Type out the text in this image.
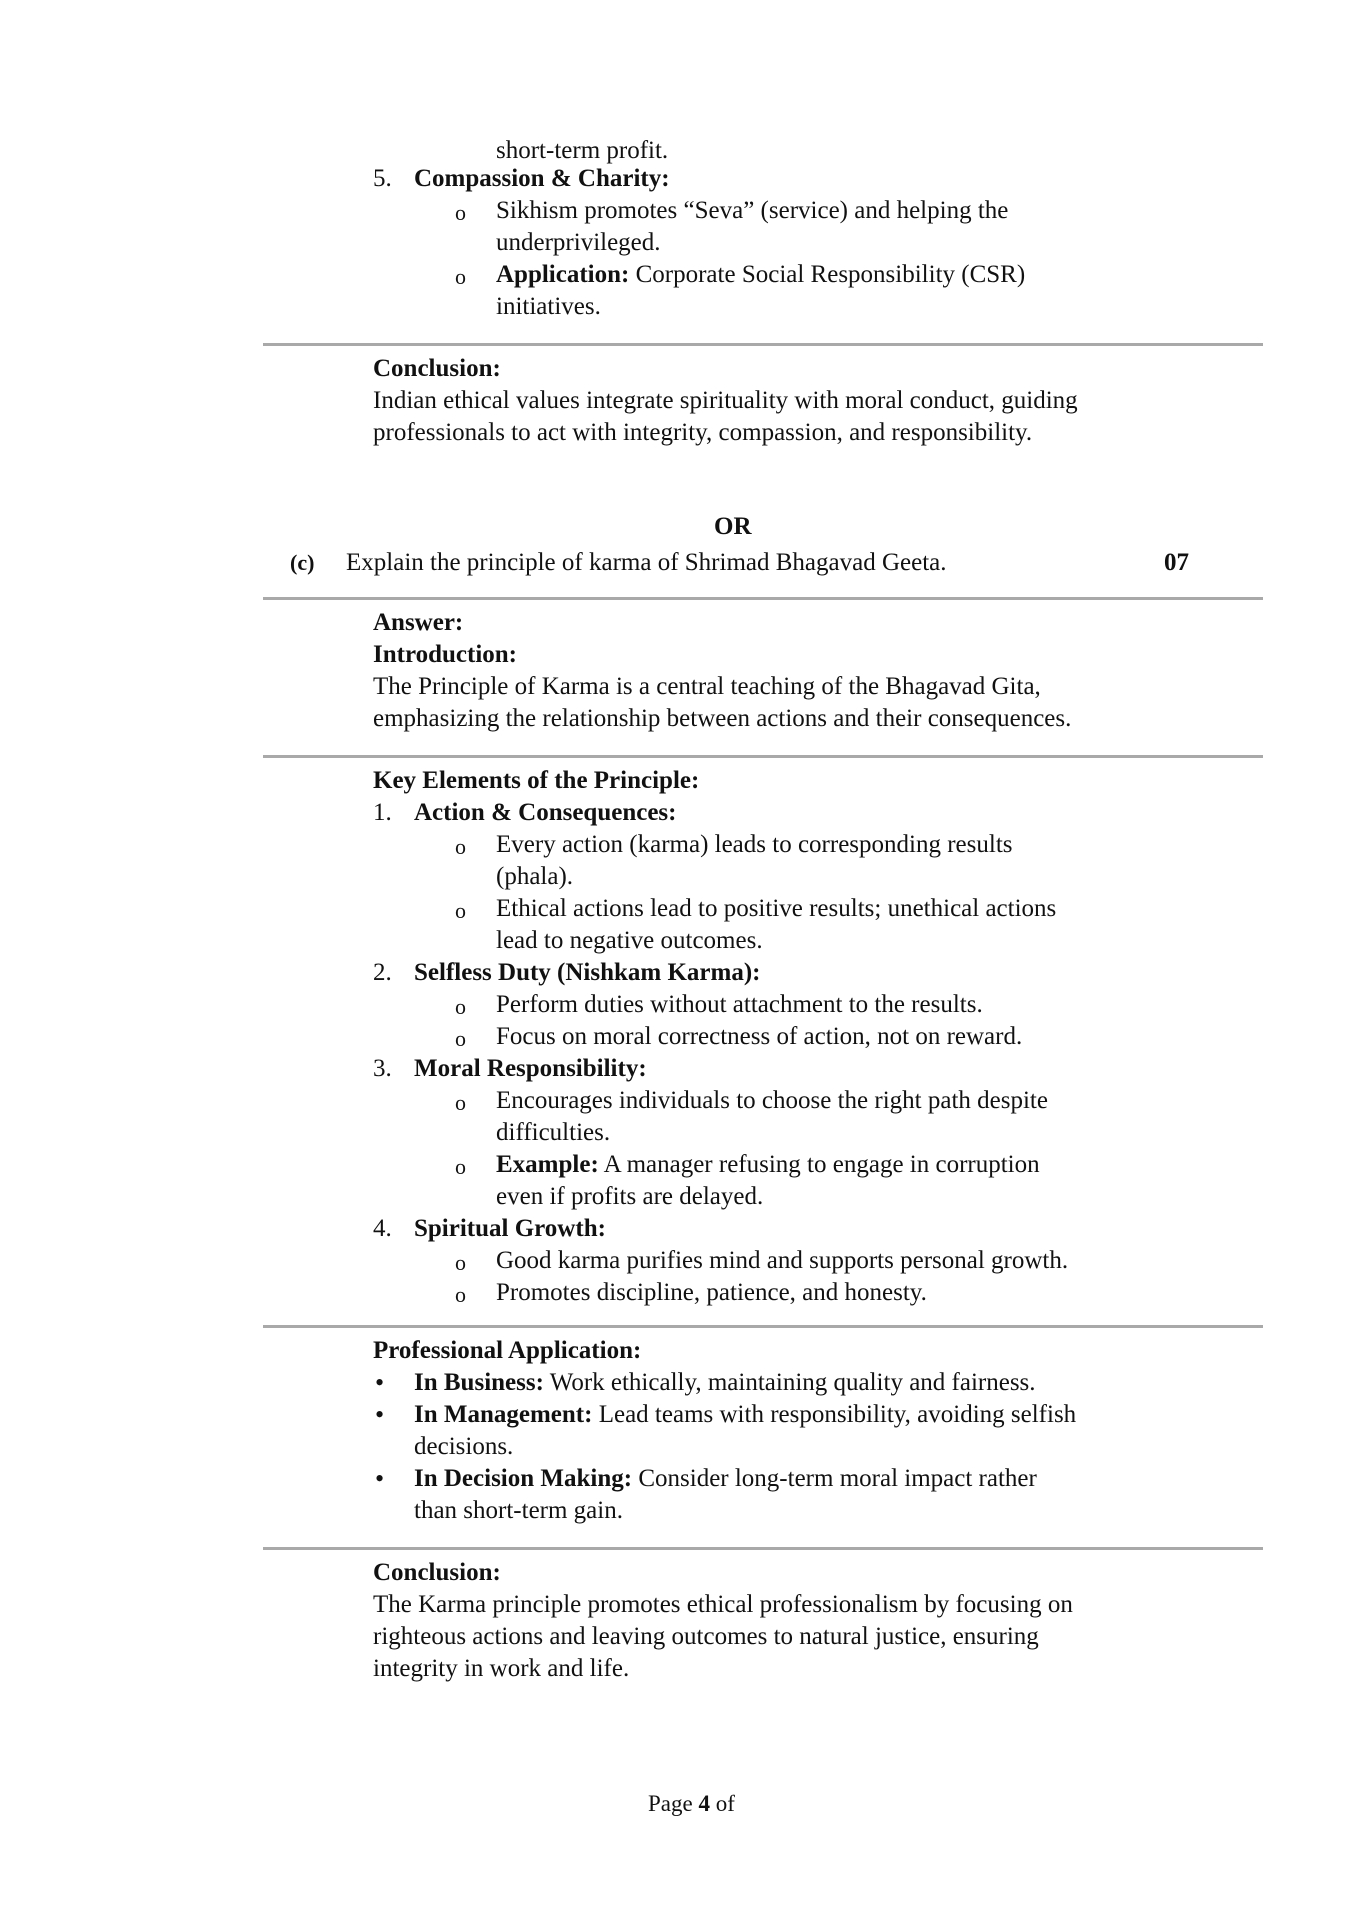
short-term profit.
5. Compassion & Charity:
o Sikhism promotes “Seva” (service) and helping the
underprivileged.
o Application: Corporate Social Responsibility (CSR)
initiatives.
Conclusion:
Indian ethical values integrate spirituality with moral conduct, guiding
professionals to act with integrity, compassion, and responsibility.
OR
(c) Explain the principle of karma of Shrimad Bhagavad Geeta.	07
Answer:
Introduction:
The Principle of Karma is a central teaching of the Bhagavad Gita,
emphasizing the relationship between actions and their consequences.
Key Elements of the Principle:
1. Action & Consequences:
o Every action (karma) leads to corresponding results
(phala).
o Ethical actions lead to positive results; unethical actions
lead to negative outcomes.
2. Selfless Duty (Nishkam Karma):
o Perform duties without attachment to the results.
o Focus on moral correctness of action, not on reward.
3. Moral Responsibility:
o Encourages individuals to choose the right path despite
difficulties.
o Example: A manager refusing to engage in corruption
even if profits are delayed.
4. Spiritual Growth:
o Good karma purifies mind and supports personal growth.
o Promotes discipline, patience, and honesty.
Professional Application:
• In Business: Work ethically, maintaining quality and fairness.
• In Management: Lead teams with responsibility, avoiding selfish
decisions.
• In Decision Making: Consider long-term moral impact rather
than short-term gain.
Conclusion:
The Karma principle promotes ethical professionalism by focusing on
righteous actions and leaving outcomes to natural justice, ensuring
integrity in work and life.
Page 4 of
